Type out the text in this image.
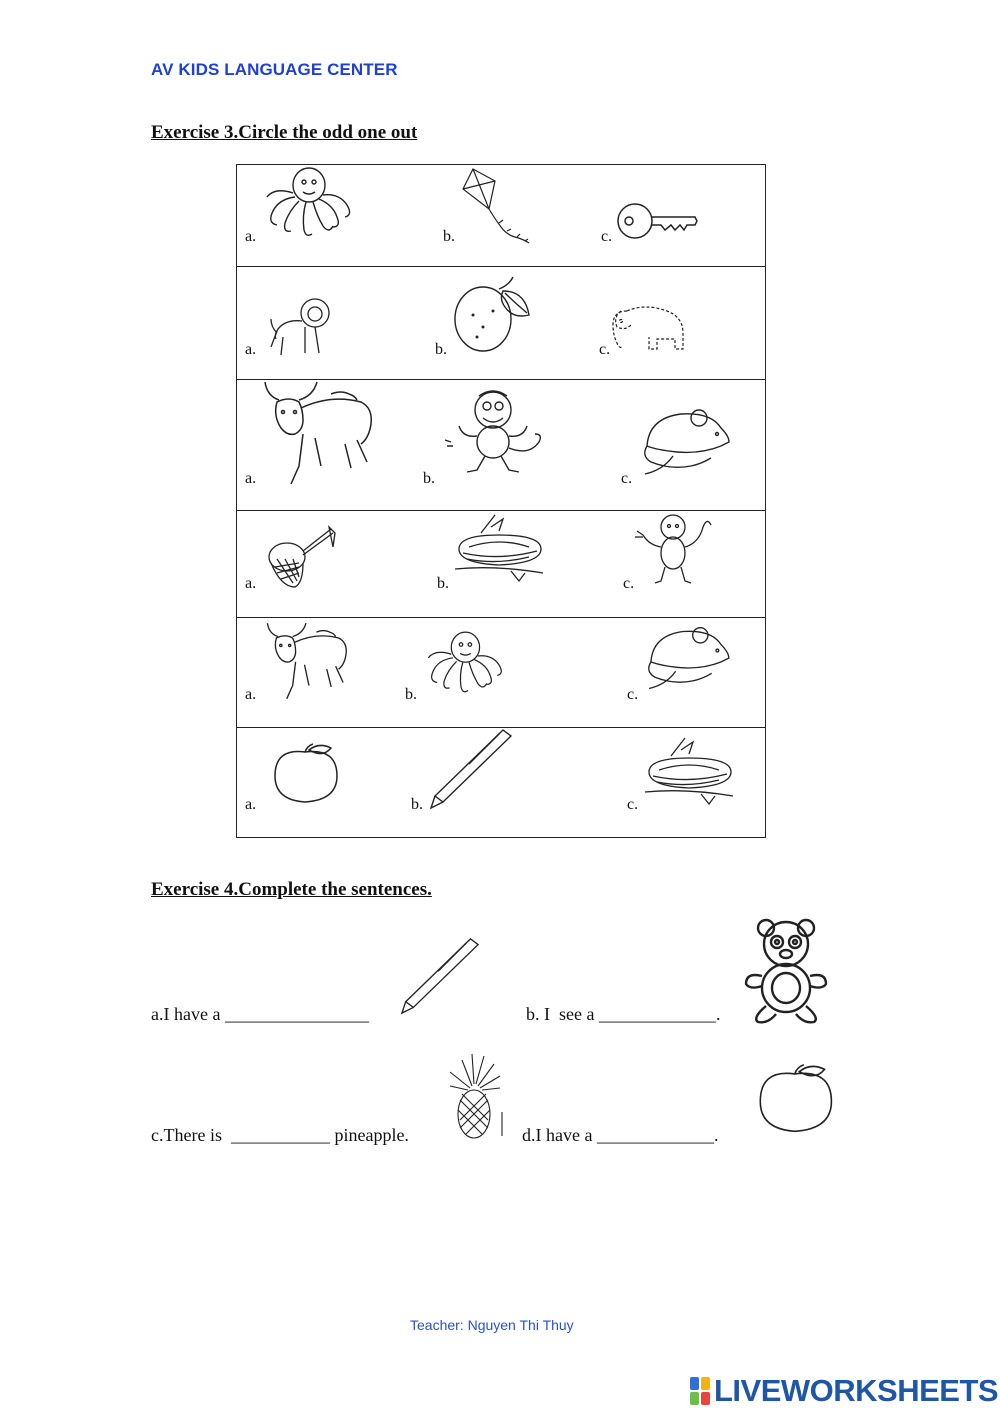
AV KIDS LANGUAGE CENTER
Exercise 3.Circle the odd one out
a.	b.	c.
a.	b.	c.
a.	b.	c.
a.	b.	c.
a.	b.	c.
a.	b.	c.
Exercise 4.Complete the sentences.
a.I have a ________________	b. I  see a _____________.
c.There is  ___________ pineapple.	d.I have a _____________.
Teacher: Nguyen Thi Thuy
LIVEWORKSHEETS
